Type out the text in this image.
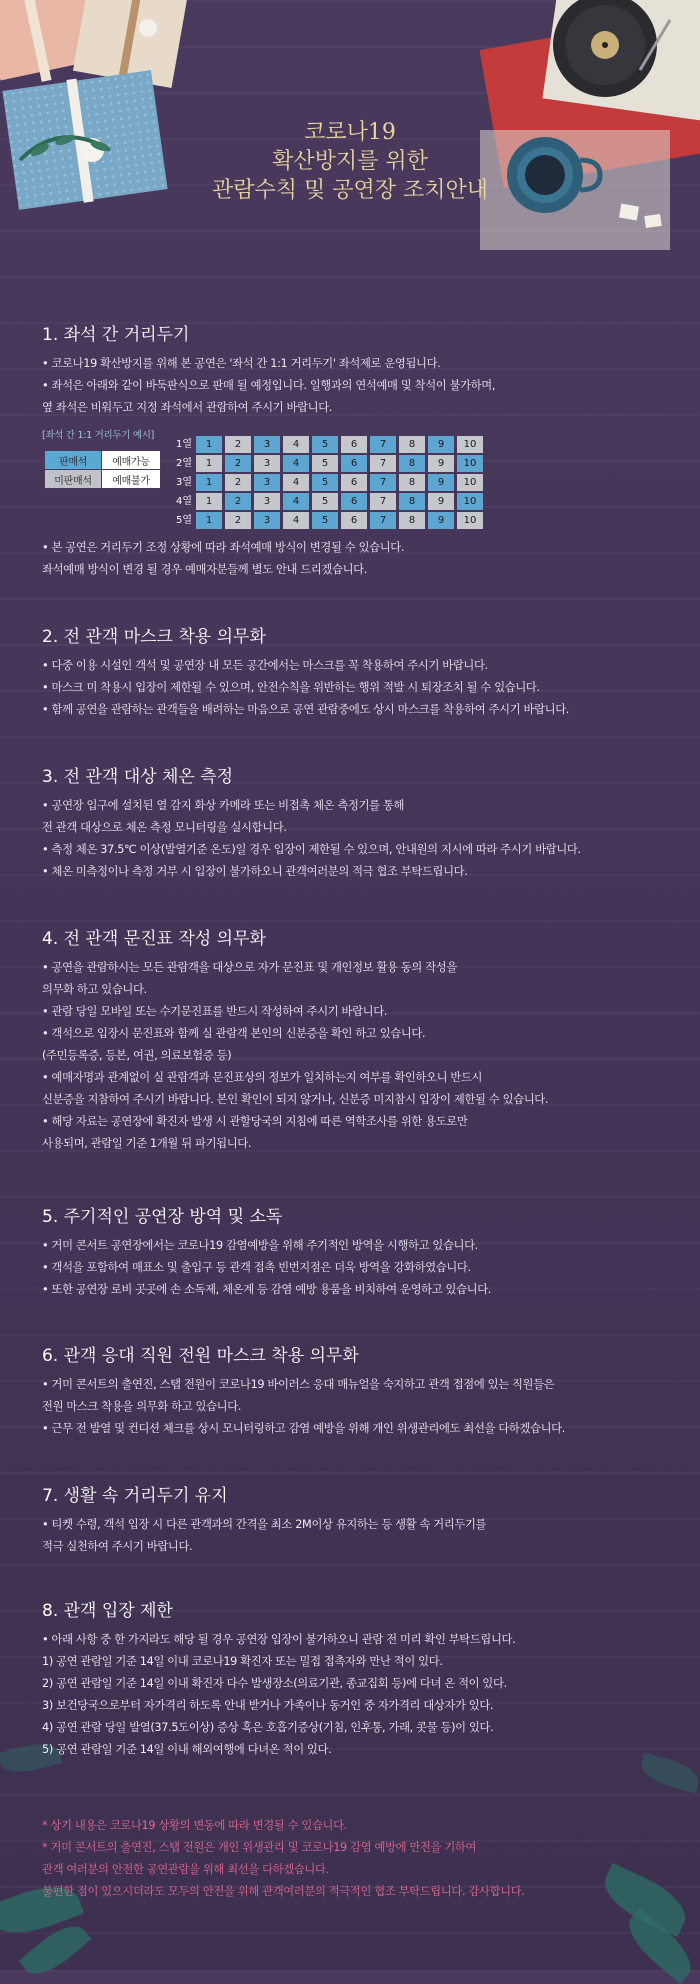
코로나19
확산방지를 위한
관람수칙 및 공연장 조치안내
1. 좌석 간 거리두기
• 코로나19 확산방지를 위해 본 공연은 '좌석 간 1:1 거리두기' 좌석제로 운영됩니다.
• 좌석은 아래와 같이 바둑판식으로 판매 될 예정입니다. 일행과의 연석예매 및 착석이 불가하며,
옆 좌석은 비워두고 지정 좌석에서 관람하여 주시기 바랍니다.
[좌석 간 1:1 거리두기 예시]
판매석	예매가능
미판매석	예매불가
1열	1	2	3	4	5	6	7	8	9	10
2열	1	2	3	4	5	6	7	8	9	10
3열	1	2	3	4	5	6	7	8	9	10
4열	1	2	3	4	5	6	7	8	9	10
5열	1	2	3	4	5	6	7	8	9	10
• 본 공연은 거리두기 조정 상황에 따라 좌석예매 방식이 변경될 수 있습니다.
좌석예매 방식이 변경 될 경우 예매자분들께 별도 안내 드리겠습니다.
2. 전 관객 마스크 착용 의무화
• 다중 이용 시설인 객석 및 공연장 내 모든 공간에서는 마스크를 꼭 착용하여 주시기 바랍니다.
• 마스크 미 착용시 입장이 제한될 수 있으며, 안전수칙을 위반하는 행위 적발 시 퇴장조치 될 수 있습니다.
• 함께 공연을 관람하는 관객들을 배려하는 마음으로 공연 관람중에도 상시 마스크를 착용하여 주시기 바랍니다.
3. 전 관객 대상 체온 측정
• 공연장 입구에 설치된 열 감지 화상 카메라 또는 비접촉 체온 측정기를 통해
전 관객 대상으로 체온 측정 모니터링을 실시합니다.
• 측정 체온 37.5℃ 이상(발열기준 온도)일 경우 입장이 제한될 수 있으며, 안내원의 지시에 따라 주시기 바랍니다.
• 체온 미측정이나 측정 거부 시 입장이 불가하오니 관객여러분의 적극 협조 부탁드립니다.
4. 전 관객 문진표 작성 의무화
• 공연을 관람하시는 모든 관람객을 대상으로 자가 문진표 및 개인정보 활용 동의 작성을
의무화 하고 있습니다.
• 관람 당일 모바일 또는 수기문진표를 반드시 작성하여 주시기 바랍니다.
• 객석으로 입장시 문진표와 함께 실 관람객 본인의 신분증을 확인 하고 있습니다.
(주민등록증, 등본, 여권, 의료보험증 등)
• 예매자명과 관계없이 실 관람객과 문진표상의 정보가 일치하는지 여부를 확인하오니 반드시
신분증을 지참하여 주시기 바랍니다. 본인 확인이 되지 않거나, 신분증 미지참시 입장이 제한될 수 있습니다.
• 해당 자료는 공연장에 확진자 발생 시 관할당국의 지침에 따른 역학조사를 위한 용도로만
사용되며, 관람일 기준 1개월 뒤 파기됩니다.
5. 주기적인 공연장 방역 및 소독
• 거미 콘서트 공연장에서는 코로나19 감염예방을 위해 주기적인 방역을 시행하고 있습니다.
• 객석을 포함하여 매표소 및 출입구 등 관객 접촉 빈번지점은 더욱 방역을 강화하였습니다.
• 또한 공연장 로비 곳곳에 손 소독제, 체온계 등 감염 예방 용품을 비치하여 운영하고 있습니다.
6. 관객 응대 직원 전원 마스크 착용 의무화
• 거미 콘서트의 출연진, 스탭 전원이 코로나19 바이러스 응대 매뉴얼을 숙지하고 관객 접점에 있는 직원들은
전원 마스크 착용을 의무화 하고 있습니다.
• 근무 전 발열 및 컨디션 체크를 상시 모니터링하고 감염 예방을 위해 개인 위생관리에도 최선을 다하겠습니다.
7. 생활 속 거리두기 유지
• 티켓 수령, 객석 입장 시 다른 관객과의 간격을 최소 2M이상 유지하는 등 생활 속 거리두기를
적극 실천하여 주시기 바랍니다.
8. 관객 입장 제한
• 아래 사항 중 한 가지라도 해당 될 경우 공연장 입장이 불가하오니 관람 전 미리 확인 부탁드립니다.
1) 공연 관람일 기준 14일 이내 코로나19 확진자 또는 밀접 접촉자와 만난 적이 있다.
2) 공연 관람일 기준 14일 이내 확진자 다수 발생장소(의료기관, 종교집회 등)에 다녀 온 적이 있다.
3) 보건당국으로부터 자가격리 하도록 안내 받거나 가족이나 동거인 중 자가격리 대상자가 있다.
4) 공연 관람 당일 발열(37.5도이상) 증상 혹은 호흡기증상(기침, 인후통, 가래, 콧물 등)이 있다.
5) 공연 관람일 기준 14일 이내 해외여행에 다녀온 적이 있다.
* 상기 내용은 코로나19 상황의 변동에 따라 변경될 수 있습니다.
* 거미 콘서트의 출연진, 스탭 전원은 개인 위생관리 및 코로나19 감염 예방에 만전을 기하여
관객 여러분의 안전한 공연관람을 위해 최선을 다하겠습니다.
불편한 점이 있으시더라도 모두의 안전을 위해 관객여러분의 적극적인 협조 부탁드립니다. 감사합니다.
